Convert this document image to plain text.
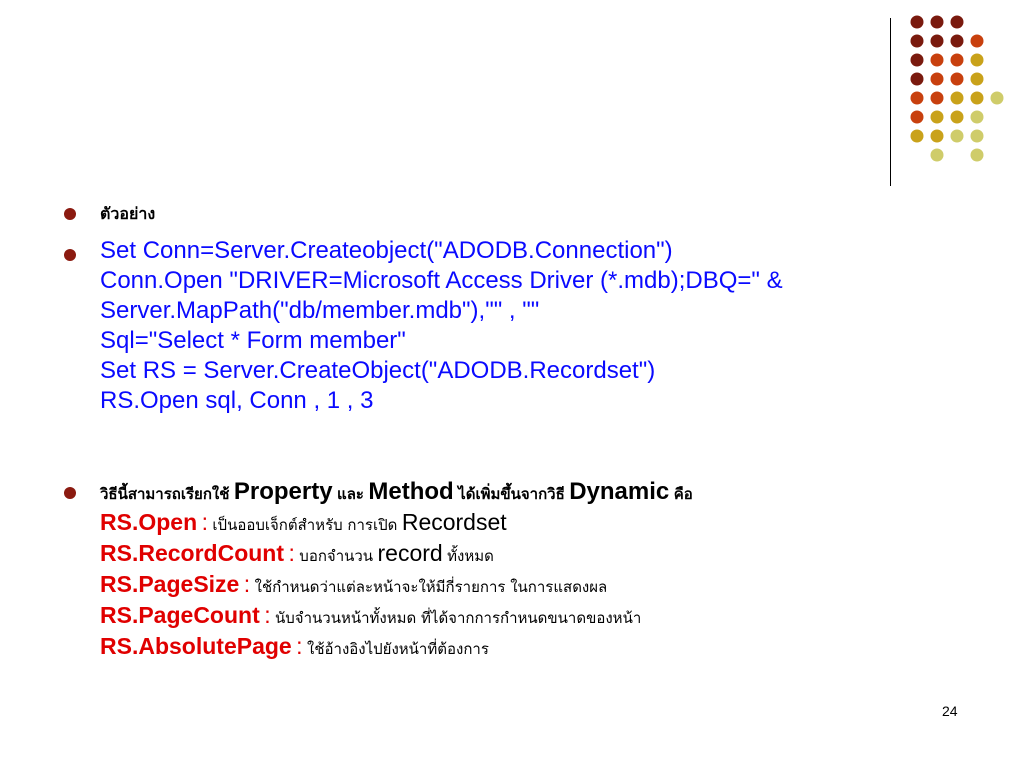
ตัวอย่าง
Set Conn=Server.Createobject("ADODB.Connection")
Conn.Open "DRIVER=Microsoft Access Driver (*.mdb);DBQ=" &
Server.MapPath("db/member.mdb"),"" , ""
Sql="Select * Form member"
Set RS = Server.CreateObject("ADODB.Recordset")
RS.Open sql, Conn , 1 , 3
วิธีนี้สามารถเรียกใช้ Property และ Method ได้เพิ่มขึ้นจากวิธี Dynamic คือ
RS.Open : เป็นออบเจ็กต์สำหรับ การเปิด Recordset
RS.RecordCount : บอกจำนวน record ทั้งหมด
RS.PageSize : ใช้กำหนดว่าแต่ละหน้าจะให้มีกี่รายการ ในการแสดงผล
RS.PageCount : นับจำนวนหน้าทั้งหมด ที่ได้จากการกำหนดขนาดของหน้า
RS.AbsolutePage : ใช้อ้างอิงไปยังหน้าที่ต้องการ
24
